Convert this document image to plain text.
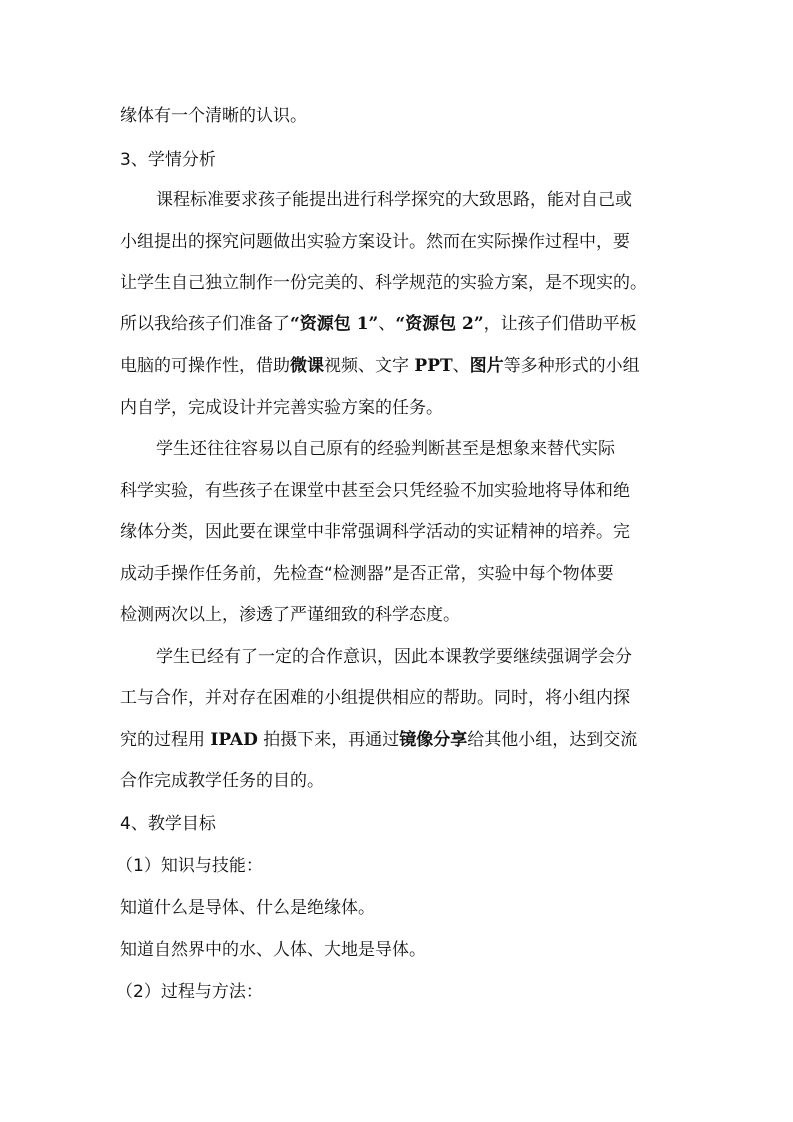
缘体有一个清晰的认识。
3、学情分析
课程标准要求孩子能提出进行科学探究的大致思路，能对自己或
小组提出的探究问题做出实验方案设计。然而在实际操作过程中，要
让学生自己独立制作一份完美的、科学规范的实验方案，是不现实的。
所以我给孩子们准备了“资源包 1”、“资源包 2”，让孩子们借助平板
电脑的可操作性，借助微课视频、文字 PPT、图片等多种形式的小组
内自学，完成设计并完善实验方案的任务。
学生还往往容易以自己原有的经验判断甚至是想象来替代实际
科学实验，有些孩子在课堂中甚至会只凭经验不加实验地将导体和绝
缘体分类，因此要在课堂中非常强调科学活动的实证精神的培养。完
成动手操作任务前，先检查“检测器”是否正常，实验中每个物体要
检测两次以上，渗透了严谨细致的科学态度。
学生已经有了一定的合作意识，因此本课教学要继续强调学会分
工与合作，并对存在困难的小组提供相应的帮助。同时，将小组内探
究的过程用 IPAD 拍摄下来，再通过镜像分享给其他小组，达到交流
合作完成教学任务的目的。
4、教学目标
（1）知识与技能：
知道什么是导体、什么是绝缘体。
知道自然界中的水、人体、大地是导体。
（2）过程与方法：
